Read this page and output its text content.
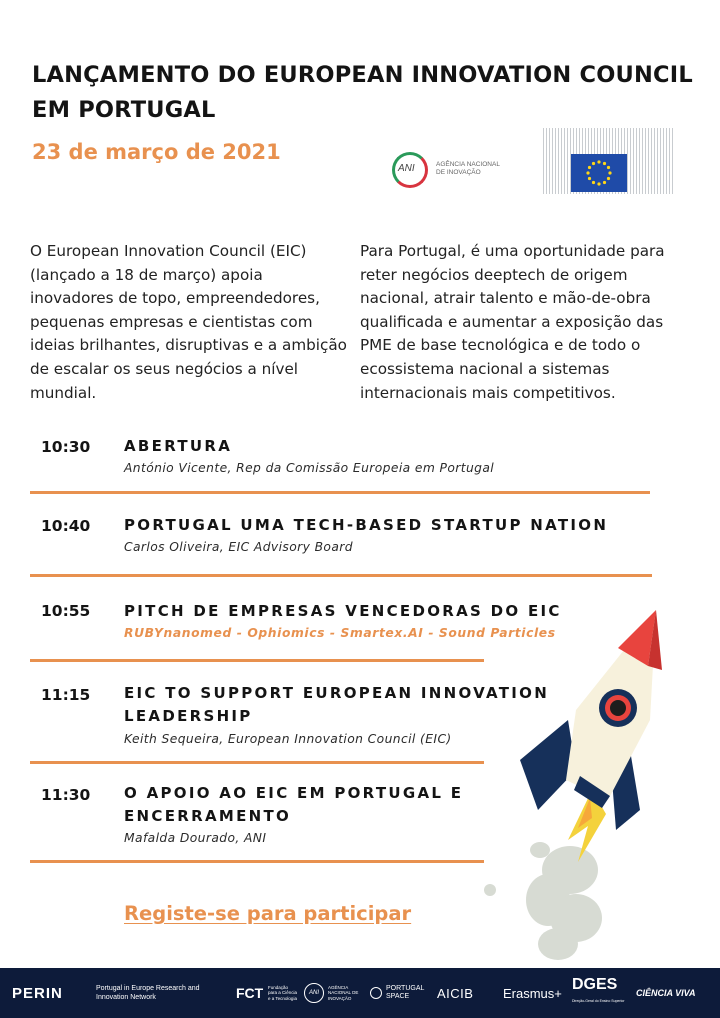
LANÇAMENTO DO EUROPEAN INNOVATION COUNCIL EM PORTUGAL
23 de março de 2021
ANI	AGÊNCIA NACIONAL DE INOVAÇÃO

O European Innovation Council (EIC) (lançado a 18 de março) apoia inovadores de topo, empreendedores, pequenas empresas e cientistas com ideias brilhantes, disruptivas e a ambição de escalar os seus negócios a nível mundial.

Para Portugal, é uma oportunidade para reter negócios deeptech de origem nacional, atrair talento e mão-de-obra qualificada e aumentar a exposição das PME de base tecnológica e de todo o ecossistema nacional a sistemas internacionais mais competitivos.

10:30 ABERTURA
António Vicente, Rep da Comissão Europeia em Portugal
10:40 PORTUGAL UMA TECH-BASED STARTUP NATION
Carlos Oliveira, EIC Advisory Board
10:55 PITCH DE EMPRESAS VENCEDORAS DO EIC
RUBYnanomed - Ophiomics - Smartex.AI - Sound Particles
11:15 EIC TO SUPPORT EUROPEAN INNOVATION LEADERSHIP
Keith Sequeira, European Innovation Council (EIC)
11:30 O APOIO AO EIC EM PORTUGAL E ENCERRAMENTO
Mafalda Dourado, ANI
Registe-se para participar
PERIN	Portugal in Europe Research and Innovation Network	FCT Fundação para a Ciência e a Tecnologia
ANI
AGÊNCIA NACIONAL DE INOVAÇÃO
PORTUGAL SPACE	AICIB Erasmus+ DGES
Direção-Geral do Ensino Superior
CIÊNCIA VIVA
